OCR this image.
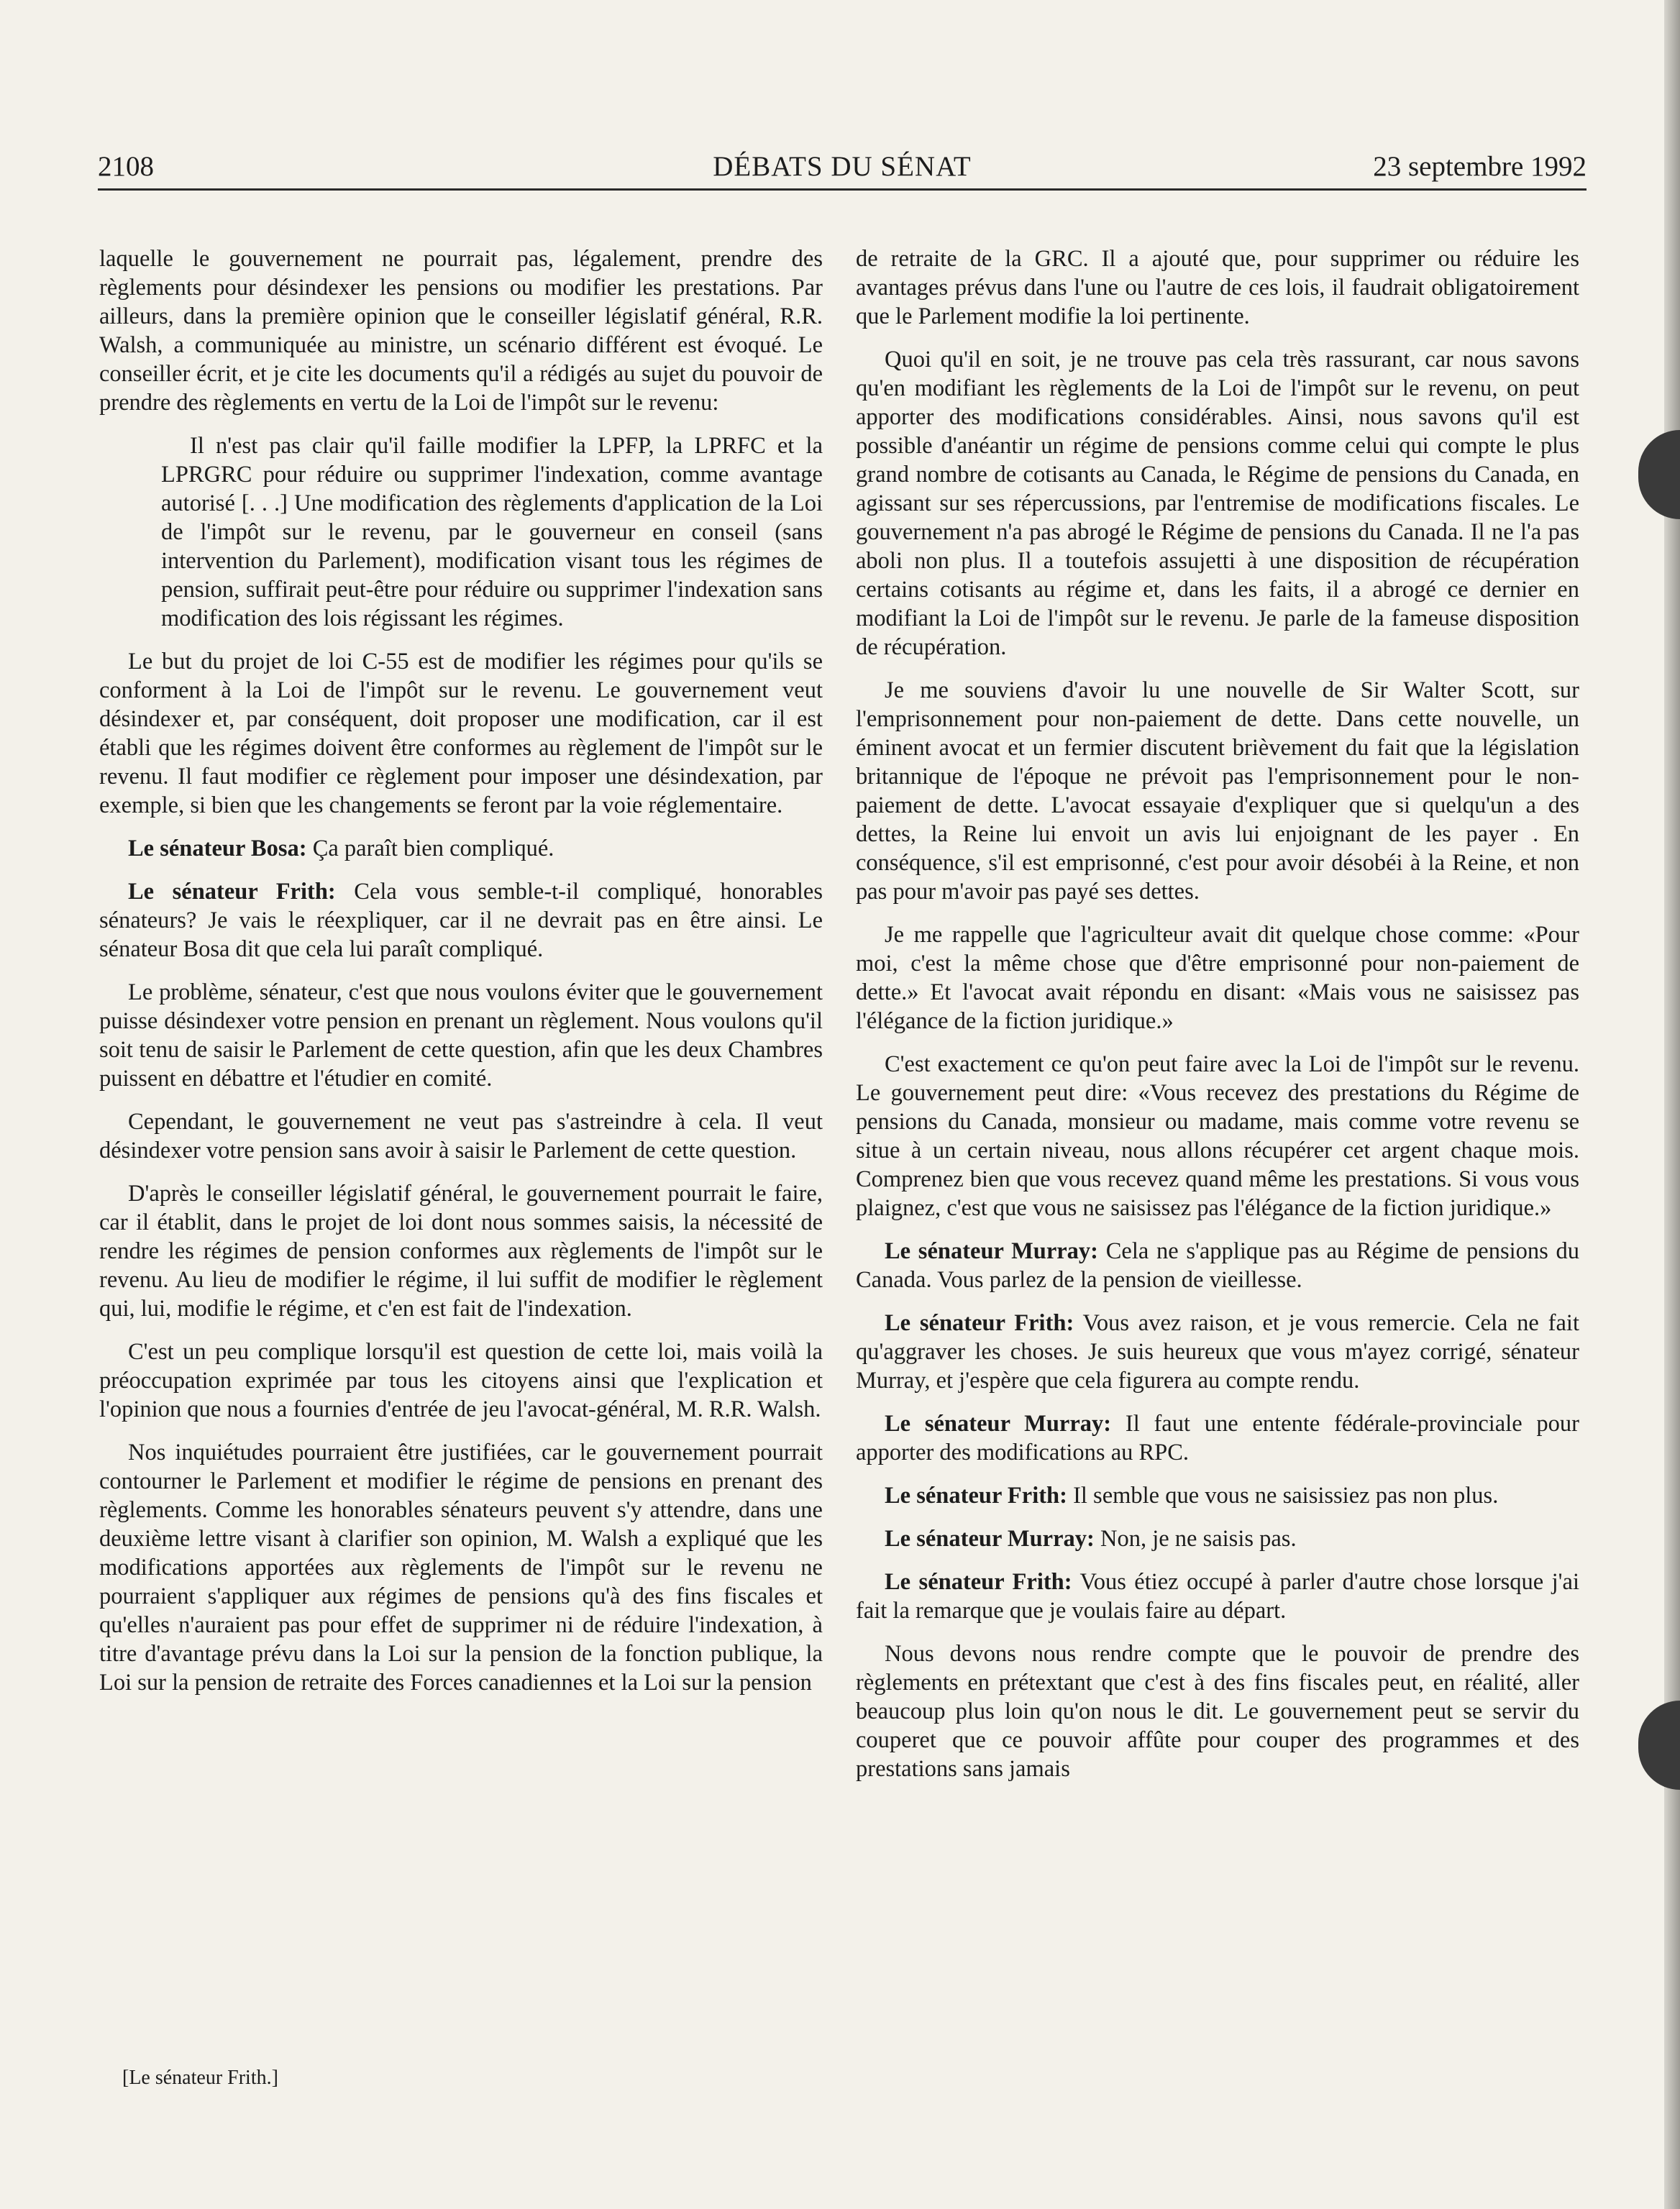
2108	DÉBATS DU SÉNAT	23 septembre 1992

laquelle le gouvernement ne pourrait pas, légalement, prendre des règlements pour désindexer les pensions ou modifier les prestations. Par ailleurs, dans la première opinion que le conseiller législatif général, R.R. Walsh, a communiquée au ministre, un scénario différent est évoqué. Le conseiller écrit, et je cite les documents qu'il a rédigés au sujet du pouvoir de prendre des règlements en vertu de la Loi de l'impôt sur le revenu:

Il n'est pas clair qu'il faille modifier la LPFP, la LPRFC et la LPRGRC pour réduire ou supprimer l'indexation, comme avantage autorisé [. . .] Une modification des règlements d'application de la Loi de l'impôt sur le revenu, par le gouverneur en conseil (sans intervention du Parlement), modification visant tous les régimes de pension, suffirait peut-être pour réduire ou supprimer l'indexation sans modification des lois régissant les régimes.

Le but du projet de loi C-55 est de modifier les régimes pour qu'ils se conforment à la Loi de l'impôt sur le revenu. Le gouvernement veut désindexer et, par conséquent, doit proposer une modification, car il est établi que les régimes doivent être conformes au règlement de l'impôt sur le revenu. Il faut modifier ce règlement pour imposer une désindexation, par exemple, si bien que les changements se feront par la voie réglementaire.

Le sénateur Bosa: Ça paraît bien compliqué.

Le sénateur Frith: Cela vous semble-t-il compliqué, honorables sénateurs? Je vais le réexpliquer, car il ne devrait pas en être ainsi. Le sénateur Bosa dit que cela lui paraît compliqué.

Le problème, sénateur, c'est que nous voulons éviter que le gouvernement puisse désindexer votre pension en prenant un règlement. Nous voulons qu'il soit tenu de saisir le Parlement de cette question, afin que les deux Chambres puissent en débattre et l'étudier en comité.

Cependant, le gouvernement ne veut pas s'astreindre à cela. Il veut désindexer votre pension sans avoir à saisir le Parlement de cette question.

D'après le conseiller législatif général, le gouvernement pourrait le faire, car il établit, dans le projet de loi dont nous sommes saisis, la nécessité de rendre les régimes de pension conformes aux règlements de l'impôt sur le revenu. Au lieu de modifier le régime, il lui suffit de modifier le règlement qui, lui, modifie le régime, et c'en est fait de l'indexation.

C'est un peu complique lorsqu'il est question de cette loi, mais voilà la préoccupation exprimée par tous les citoyens ainsi que l'explication et l'opinion que nous a fournies d'entrée de jeu l'avocat-général, M. R.R. Walsh.

Nos inquiétudes pourraient être justifiées, car le gouvernement pourrait contourner le Parlement et modifier le régime de pensions en prenant des règlements. Comme les honorables sénateurs peuvent s'y attendre, dans une deuxième lettre visant à clarifier son opinion, M. Walsh a expliqué que les modifications apportées aux règlements de l'impôt sur le revenu ne pourraient s'appliquer aux régimes de pensions qu'à des fins fiscales et qu'elles n'auraient pas pour effet de supprimer ni de réduire l'indexation, à titre d'avantage prévu dans la Loi sur la pension de la fonction publique, la Loi sur la pension de retraite des Forces canadiennes et la Loi sur la pension

[Le sénateur Frith.]

de retraite de la GRC. Il a ajouté que, pour supprimer ou réduire les avantages prévus dans l'une ou l'autre de ces lois, il faudrait obligatoirement que le Parlement modifie la loi pertinente.

Quoi qu'il en soit, je ne trouve pas cela très rassurant, car nous savons qu'en modifiant les règlements de la Loi de l'impôt sur le revenu, on peut apporter des modifications considérables. Ainsi, nous savons qu'il est possible d'anéantir un régime de pensions comme celui qui compte le plus grand nombre de cotisants au Canada, le Régime de pensions du Canada, en agissant sur ses répercussions, par l'entremise de modifications fiscales. Le gouvernement n'a pas abrogé le Régime de pensions du Canada. Il ne l'a pas aboli non plus. Il a toutefois assujetti à une disposition de récupération certains cotisants au régime et, dans les faits, il a abrogé ce dernier en modifiant la Loi de l'impôt sur le revenu. Je parle de la fameuse disposition de récupération.

Je me souviens d'avoir lu une nouvelle de Sir Walter Scott, sur l'emprisonnement pour non-paiement de dette. Dans cette nouvelle, un éminent avocat et un fermier discutent brièvement du fait que la législation britannique de l'époque ne prévoit pas l'emprisonnement pour le non-paiement de dette. L'avocat essayaie d'expliquer que si quelqu'un a des dettes, la Reine lui envoit un avis lui enjoignant de les payer . En conséquence, s'il est emprisonné, c'est pour avoir désobéi à la Reine, et non pas pour m'avoir pas payé ses dettes.

Je me rappelle que l'agriculteur avait dit quelque chose comme: «Pour moi, c'est la même chose que d'être emprisonné pour non-paiement de dette.» Et l'avocat avait répondu en disant: «Mais vous ne saisissez pas l'élégance de la fiction juridique.»

C'est exactement ce qu'on peut faire avec la Loi de l'impôt sur le revenu. Le gouvernement peut dire: «Vous recevez des prestations du Régime de pensions du Canada, monsieur ou madame, mais comme votre revenu se situe à un certain niveau, nous allons récupérer cet argent chaque mois. Comprenez bien que vous recevez quand même les prestations. Si vous vous plaignez, c'est que vous ne saisissez pas l'élégance de la fiction juridique.»

Le sénateur Murray: Cela ne s'applique pas au Régime de pensions du Canada. Vous parlez de la pension de vieillesse.

Le sénateur Frith: Vous avez raison, et je vous remercie. Cela ne fait qu'aggraver les choses. Je suis heureux que vous m'ayez corrigé, sénateur Murray, et j'espère que cela figurera au compte rendu.

Le sénateur Murray: Il faut une entente fédérale-provinciale pour apporter des modifications au RPC.

Le sénateur Frith: Il semble que vous ne saisissiez pas non plus.

Le sénateur Murray: Non, je ne saisis pas.

Le sénateur Frith: Vous étiez occupé à parler d'autre chose lorsque j'ai fait la remarque que je voulais faire au départ.

Nous devons nous rendre compte que le pouvoir de prendre des règlements en prétextant que c'est à des fins fiscales peut, en réalité, aller beaucoup plus loin qu'on nous le dit. Le gouvernement peut se servir du couperet que ce pouvoir affûte pour couper des programmes et des prestations sans jamais
